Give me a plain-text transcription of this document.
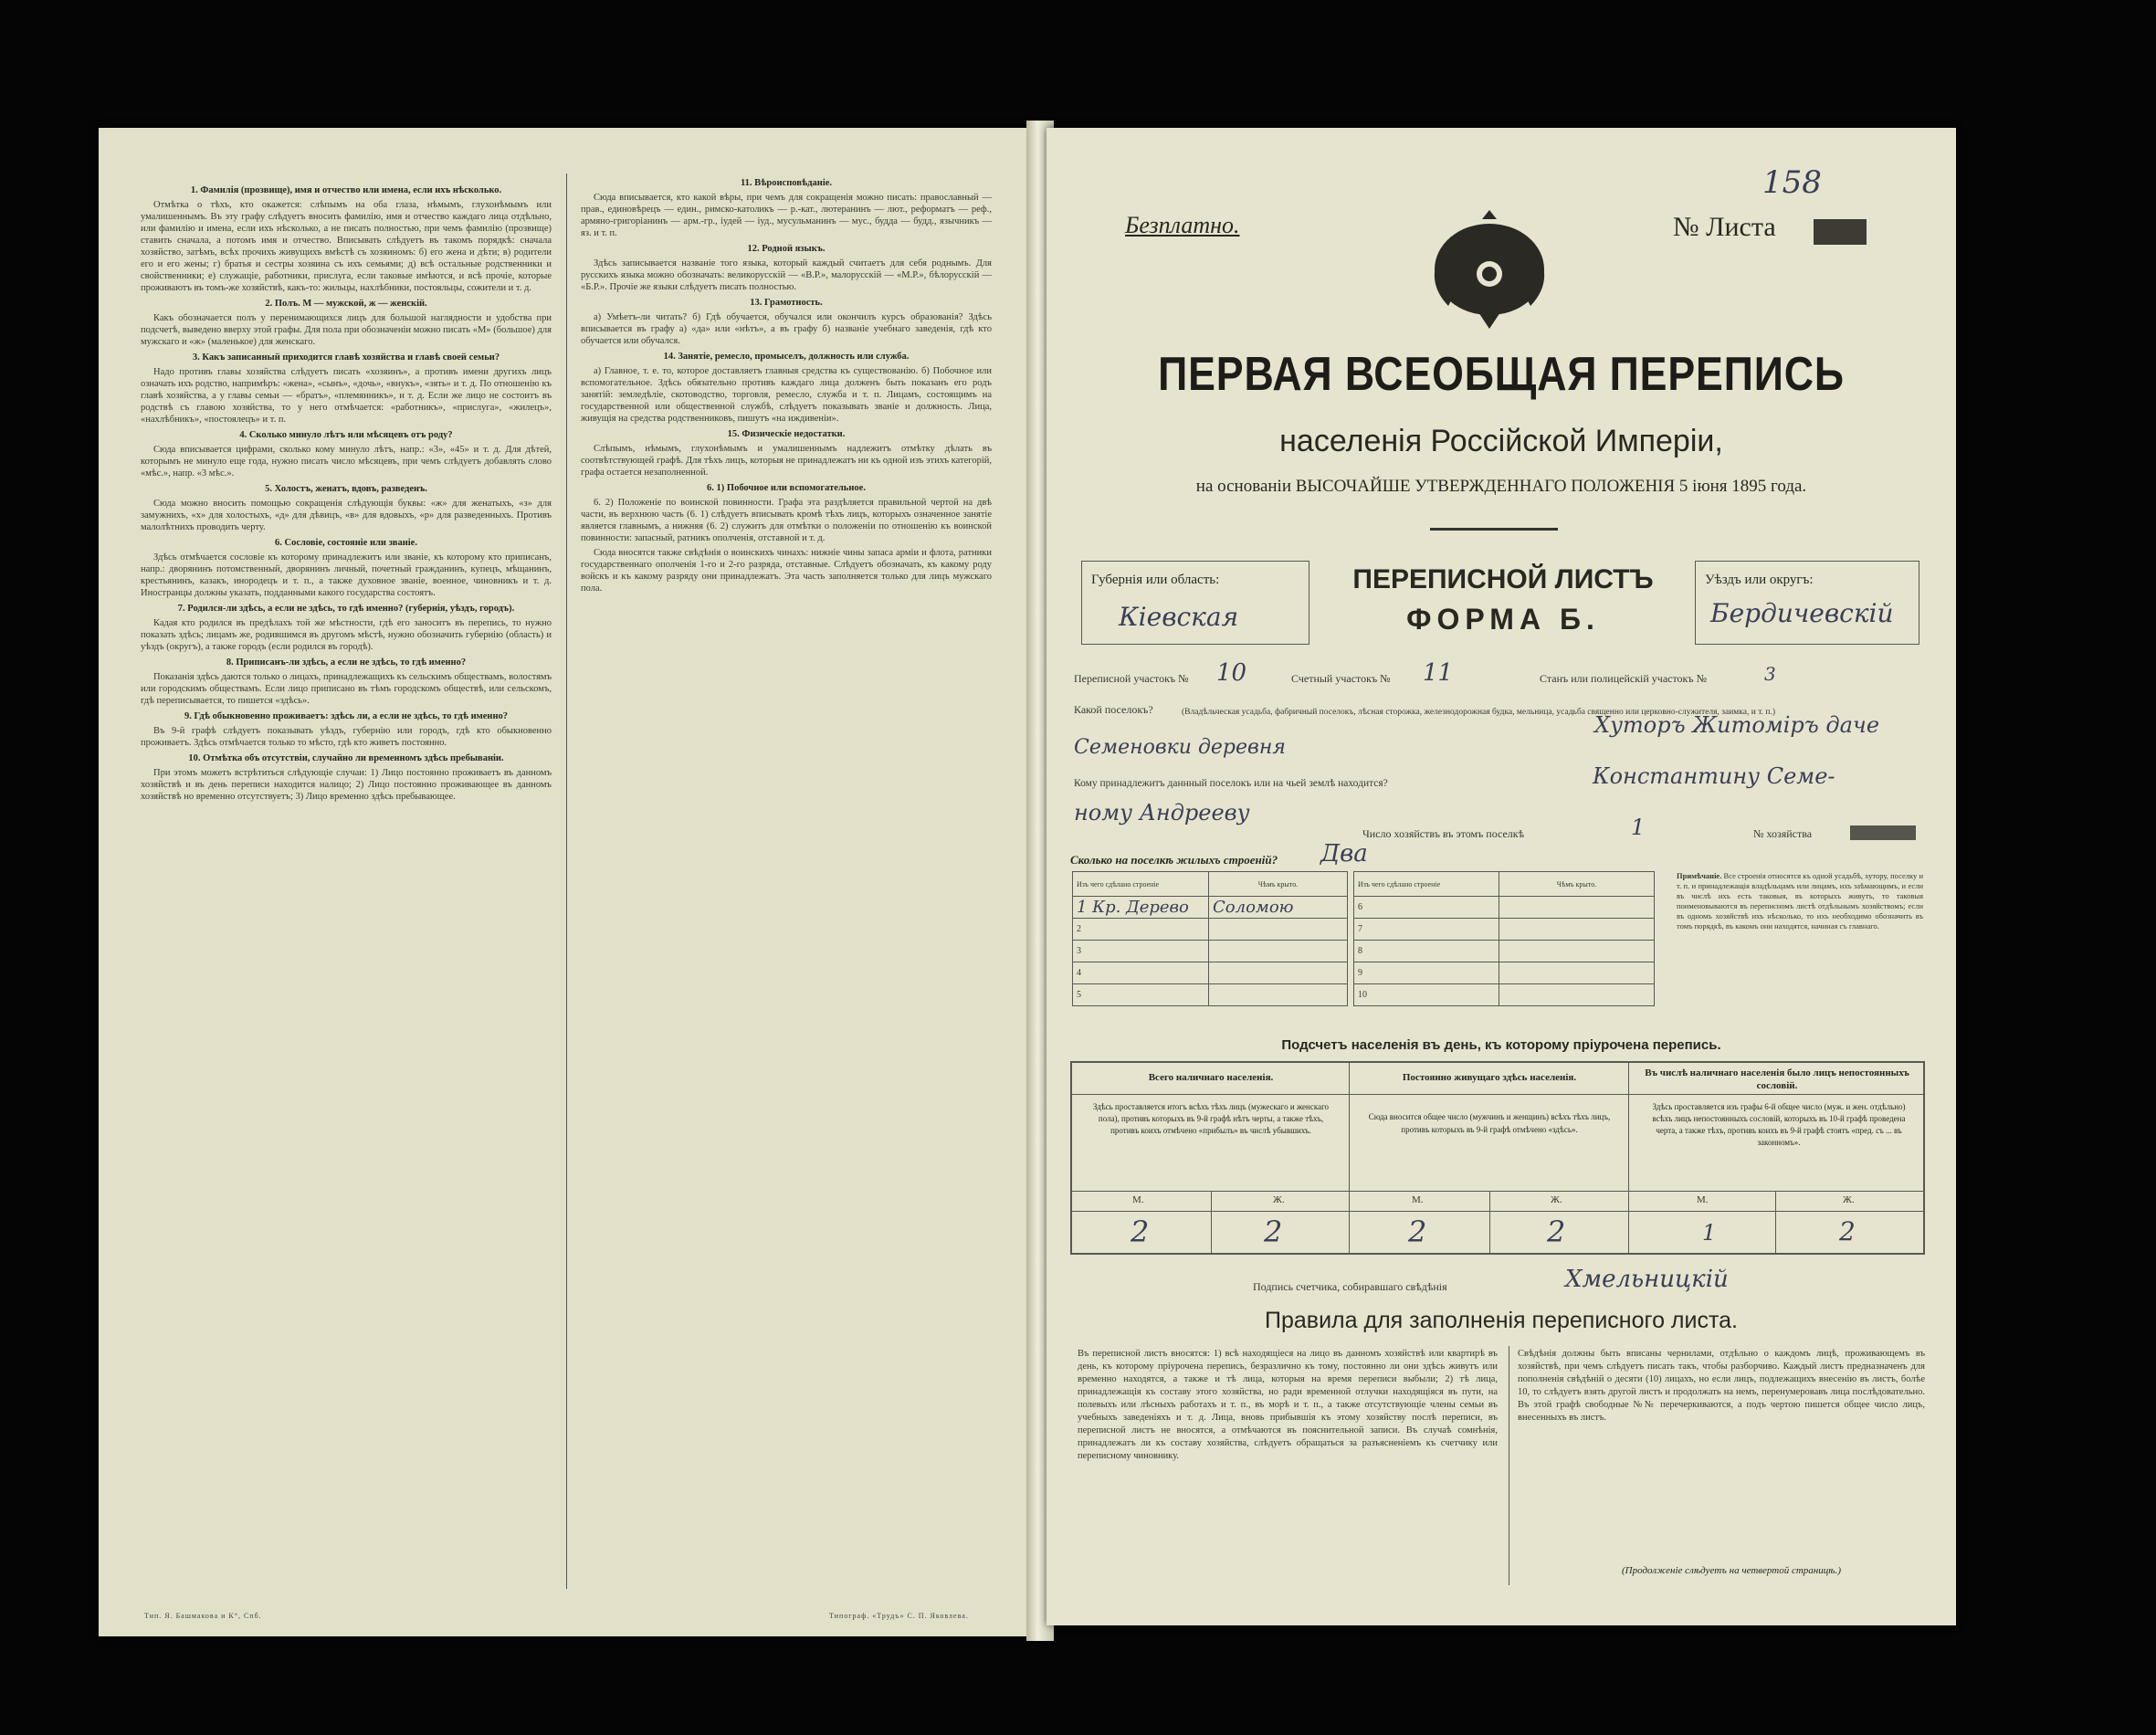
1. Фамилія (прозвище), имя и отчество или имена, если ихъ нѣсколько.

Отмѣтка о тѣхъ, кто окажется: слѣпымъ на оба глаза, нѣмымъ, глухонѣмымъ или умалишеннымъ. Въ эту графу слѣдуетъ вносить фамилію, имя и отчество каждаго лица отдѣльно, или фамилію и имена, если ихъ нѣсколько, а не писать полностью, при чемъ фамилію (прозвище) ставить сначала, а потомъ имя и отчество. Вписывать слѣдуетъ въ такомъ порядкѣ: сначала хозяйство, затѣмъ, всѣх прочихъ живущихъ вмѣстѣ съ хозяиномъ: б) его жена и дѣти; в) родители его и его жены; г) братья и сестры хозяина съ ихъ семьями; д) всѣ остальные родственники и свойственники; е) служащіе, работники, прислуга, если таковые имѣются, и всѣ прочіе, которые проживаютъ въ томъ-же хозяйствѣ, какъ-то: жильцы, нахлѣбники, постояльцы, сожители и т. д.

2. Полъ. М — мужской, ж — женскій.

Какъ обозначается полъ у перенимающихся лицъ для большой наглядности и удобства при подсчетѣ, выведено вверху этой графы. Для пола при обозначеніи можно писать «М» (большое) для мужскаго и «ж» (маленькое) для женскаго.

3. Какъ записанный приходится главѣ хозяйства и главѣ своей семьи?

Надо противъ главы хозяйства слѣдуетъ писать «хозяинъ», а противъ имени другихъ лицъ означать ихъ родство, напримѣръ: «жена», «сынъ», «дочь», «внукъ», «зять» и т. д. По отношенію къ главѣ хозяйства, а у главы семьи — «братъ», «племянникъ», и т. д. Если же лицо не состоитъ въ родствѣ съ главою хозяйства, то у него отмѣчается: «работникъ», «прислуга», «жилецъ», «нахлѣбникъ», «постоялецъ» и т. п.

4. Сколько минуло лѣтъ или мѣсяцевъ отъ роду?

Сюда вписывается цифрами, сколько кому минуло лѣтъ, напр.: «3», «45» и т. д. Для дѣтей, которымъ не минуло еще года, нужно писать число мѣсяцевъ, при чемъ слѣдуетъ добавлять слово «мѣс.», напр. «3 мѣс.».

5. Холостъ, женатъ, вдовъ, разведенъ.

Сюда можно вносить помощью сокращенія слѣдующія буквы: «ж» для женатыхъ, «з» для замужнихъ, «х» для холостыхъ, «д» для дѣвицъ, «в» для вдовыхъ, «р» для разведенныхъ. Противъ малолѣтнихъ проводить черту.

6. Сословіе, состояніе или званіе.

Здѣсь отмѣчается сословіе къ которому принадлежитъ или званіе, къ которому кто приписанъ, напр.: дворянинъ потомственный, дворянинъ личный, почетный гражданинъ, купецъ, мѣщанинъ, крестьянинъ, казакъ, инородецъ и т. п., а также духовное званіе, военное, чиновникъ и т. д. Иностранцы должны указать, подданными какого государства состоятъ.

7. Родился-ли здѣсь, а если не здѣсь, то гдѣ именно? (губернія, уѣздъ, городъ).

Кадая кто родился въ предѣлахъ той же мѣстности, гдѣ его заноситъ въ перепись, то нужно показать здѣсь; лицамъ же, родившимся въ другомъ мѣстѣ, нужно обозначить губернію (область) и уѣздъ (округъ), а также городъ (если родился въ городѣ).

8. Приписанъ-ли здѣсь, а если не здѣсь, то гдѣ именно?

Показанія здѣсь даются только о лицахъ, принадлежащихъ къ сельскимъ обществамъ, волостямъ или городскимъ обществамъ. Если лицо приписано въ тѣмъ городскомъ обществѣ, или сельскомъ, гдѣ переписывается, то пишется «здѣсь».

9. Гдѣ обыкновенно проживаетъ: здѣсь ли, а если не здѣсь, то гдѣ именно?

Въ 9-й графѣ слѣдуетъ показывать уѣздъ, губернію или городъ, гдѣ кто обыкновенно проживаетъ. Здѣсь отмѣчается только то мѣсто, гдѣ кто живетъ постоянно.

10. Отмѣтка объ отсутствіи, случайно ли временномъ здѣсь пребываніи.

При этомъ можетъ встрѣтиться слѣдующіе случаи: 1) Лицо постоянно проживаетъ въ данномъ хозяйствѣ и въ день переписи находится налицо; 2) Лицо постоянно проживающее въ данномъ хозяйствѣ но временно отсутствуетъ; 3) Лицо временно здѣсь пребывающее.

11. Вѣроисповѣданіе.

Сюда вписывается, кто какой вѣры, при чемъ для сокращенія можно писать: православный — прав., единовѣрецъ — един., римско-католикъ — р.-кат., лютеранинъ — лют., реформатъ — реф., армяно-григоріанинъ — арм.-гр., іудей — іуд., мусульманинъ — мус., будда — будд., язычникъ — яз. и т. п.

12. Родной языкъ.

Здѣсь записывается названіе того языка, который каждый считаетъ для себя роднымъ. Для русскихъ языка можно обозначать: великорусскій — «В.Р.», малорусскій — «М.Р.», бѣлорусскій — «Б.Р.». Прочіе же языки слѣдуетъ писать полностью.

13. Грамотность.

а) Умѣетъ-ли читать? б) Гдѣ обучается, обучался или окончилъ курсъ образованія? Здѣсь вписывается въ графу а) «да» или «нѣтъ», а въ графу б) названіе учебнаго заведенія, гдѣ кто обучается или обучался.

14. Занятіе, ремесло, промыселъ, должность или служба.

а) Главное, т. е. то, которое доставляетъ главныя средства къ существованію. б) Побочное или вспомогательное. Здѣсь обязательно противъ каждаго лица долженъ быть показанъ его родъ занятій: земледѣліе, скотоводство, торговля, ремесло, служба и т. п. Лицамъ, состоящимъ на государственной или общественной службѣ, слѣдуетъ показывать званіе и должность. Лица, живущія на средства родственниковъ, пишутъ «на иждивеніи».

15. Физическіе недостатки.

Слѣпымъ, нѣмымъ, глухонѣмымъ и умалишеннымъ надлежитъ отмѣтку дѣлать въ соотвѣтствующей графѣ. Для тѣхъ лицъ, которыя не принадлежатъ ни къ одной изъ этихъ категорій, графа остается незаполненной.

6. 1) Побочное или вспомогательное.

6. 2) Положеніе по воинской повинности. Графа эта раздѣляется правильной чертой на двѣ части, въ верхнюю часть (6. 1) слѣдуетъ вписывать кромѣ тѣхъ лицъ, которыхъ означенное занятіе является главнымъ, а нижняя (6. 2) служитъ для отмѣтки о положеніи по отношенію къ воинской повинности: запасный, ратникъ ополченія, отставной и т. д.

Сюда вносятся также свѣдѣнія о воинскихъ чинахъ: нижніе чины запаса арміи и флота, ратники государственнаго ополченія 1-го и 2-го разряда, отставные. Слѣдуетъ обозначать, къ какому роду войскъ и къ какому разряду они принадлежатъ. Эта часть заполняется только для лицъ мужскаго пола.

Тип. Я. Башмакова и К°, Спб.	Типограф. «Трудъ» С. П. Яковлева.
158
Безплатно.	№ Листа
ПЕРВАЯ ВСЕОБЩАЯ ПЕРЕПИСЬ
населенія Россійской Имперіи,
на основаніи ВЫСОЧАЙШЕ УТВЕРЖДЕННАГО ПОЛОЖЕНІЯ 5 іюня 1895 года.
Губернія или область:
Кіевская
ПЕРЕПИСНОЙ ЛИСТЪ
ФОРМА Б.
Уѣздъ или округъ:
Бердичевскій
Переписной участокъ № 10	Счетный участокъ № 11	Станъ или полицейскій участокъ №	3
Какой поселокъ?	(Владѣльческая усадьба, фабричный поселокъ, лѣсная сторожка, железнодорожная будка, мельница, усадьба священно или церковно-служителя, заимка, и т. п.)
Хуторъ Житоміръ даче
Семеновки деревня
Кому принадлежитъ даннный поселокъ или на чьей землѣ находится?	Константину Семе-
ному Андрееву
Число хозяйствъ въ этомъ поселкѣ	1	№ хозяйства
Сколько на поселкѣ жилыхъ строеній? Два
Изъ чего сдѣлано строеніе	Чѣмъ крыто.
1 Кр. Дерево	Соломою
2	
3	
4	
5	
Изъ чего сдѣлано строеніе	Чѣмъ крыто.
6	
7	
8	
9	
10	
Примѣчаніе. Все строенія относятся къ одной усадьбѣ, хутору, поселку и т. п. и принадлежащія владѣльцамъ или лицамъ, ихъ заѣмающимъ, и если въ числѣ ихъ есть таковыя, въ которыхъ живутъ, то таковыя поименовываются въ переписномъ листѣ отдѣльнымъ хозяйствомъ; если въ одномъ хозяйствѣ ихъ нѣсколько, то ихъ необходимо обозначить въ томъ порядкѣ, въ какомъ они находятся, начиная съ главнаго.
Подсчетъ населенія въ день, къ которому пріурочена перепись.
Всего наличнаго населенія.	Постоянно живущаго здѣсь населенія.	Въ числѣ наличнаго населенія было лицъ непостоянныхъ сословій.
Здѣсь проставляется итогъ всѣхъ тѣхъ лицъ (мужескаго и женскаго пола), противъ которыхъ въ 9-й графѣ нѣтъ черты, а также тѣхъ, противъ коихъ отмѣчено «прибылъ» въ числѣ убывшихъ.
Сюда вносится общее число (мужчинъ и женщинъ) всѣхъ тѣхъ лицъ, противъ которыхъ въ 9-й графѣ отмѣчено «здѣсь».
Здѣсь проставляется изъ графы 6-й общее число (муж. и жен. отдѣльно) всѣхъ лицъ непостоянныхъ сословій, которыхъ въ 10-й графѣ проведена черта, а также тѣхъ, противъ коихъ въ 9-й графѣ стоятъ «пред. съ ... въ законномъ».
М.	Ж.	М.	Ж.	М.	Ж.
2	2	2	2	1	2
Подпись счетчика, собиравшаго свѣдѣнія	Хмельницкій
Правила для заполненія переписного листа.
Въ переписной листъ вносятся: 1) всѣ находящіеся на лицо въ данномъ хозяйствѣ или квартирѣ въ день, къ которому пріурочена перепись, безразлично къ тому, постоянно ли они здѣсь живутъ или временно находятся, а также и тѣ лица, которыя на время переписи выбыли; 2) тѣ лица, принадлежащія къ составу этого хозяйства, но ради временной отлучки находящіяся въ пути, на полевыхъ или лѣсныхъ работахъ и т. п., въ морѣ и т. п., а также отсутствующіе члены семьи въ учебныхъ заведеніяхъ и т. д. Лица, вновь прибывшія къ этому хозяйству послѣ переписи, въ переписной листъ не вносятся, а отмѣчаются въ пояснительной записи. Въ случаѣ сомнѣнія, принадлежатъ ли къ составу хозяйства, слѣдуетъ обращаться за разъясненіемъ къ счетчику или переписному чиновнику.
Свѣдѣнія должны быть вписаны чернилами, отдѣльно о каждомъ лицѣ, проживающемъ въ хозяйствѣ, при чемъ слѣдуетъ писать такъ, чтобы разборчиво. Каждый листъ предназначенъ для пополненія свѣдѣній о десяти (10) лицахъ, но если лицъ, подлежащихъ внесенію въ листъ, болѣе 10, то слѣдуетъ взять другой листъ и продолжать на немъ, перенумеровавъ лица послѣдовательно. Въ этой графѣ свободные №№ перечеркиваются, а подъ чертою пишется общее число лицъ, внесенныхъ въ листъ.
(Продолженіе слѣдуетъ на четвертой страницѣ.)
